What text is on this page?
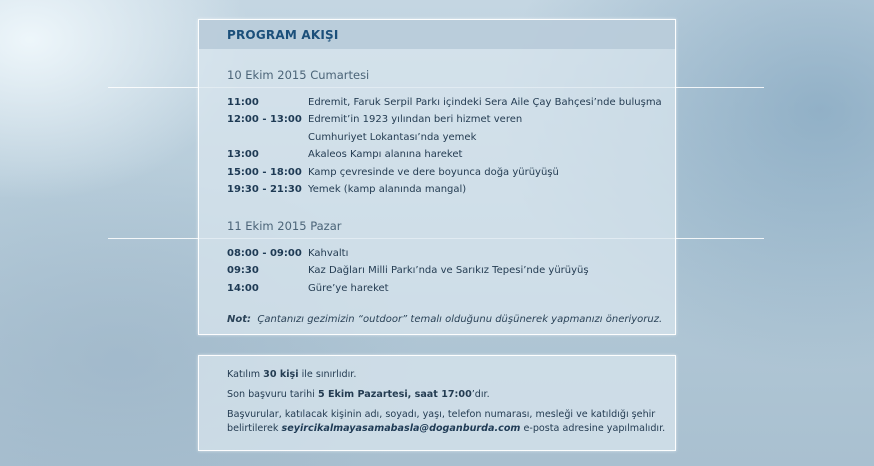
PROGRAM AKIŞI
10 Ekim 2015 Cumartesi
11:00	Edremit, Faruk Serpil Parkı içindeki Sera Aile Çay Bahçesi’nde buluşma
12:00 - 13:00 Edremit’in 1923 yılından beri hizmet veren
Cumhuriyet Lokantası’nda yemek
13:00	Akaleos Kampı alanına hareket
15:00 - 18:00 Kamp çevresinde ve dere boyunca doğa yürüyüşü
19:30 - 21:30 Yemek (kamp alanında mangal)
11 Ekim 2015 Pazar
08:00 - 09:00 Kahvaltı
09:30	Kaz Dağları Milli Parkı’nda ve Sarıkız Tepesi’nde yürüyüş
14:00	Güre’ye hareket
Not: Çantanızı gezimizin “outdoor” temalı olduğunu düşünerek yapmanızı öneriyoruz.

Katılım 30 kişi ile sınırlıdır.

Son başvuru tarihi 5 Ekim Pazartesi, saat 17:00’dır.

Başvurular, katılacak kişinin adı, soyadı, yaşı, telefon numarası, mesleği ve katıldığı şehir
belirtilerek seyircikalmayasamabasla@doganburda.com e-posta adresine yapılmalıdır.
